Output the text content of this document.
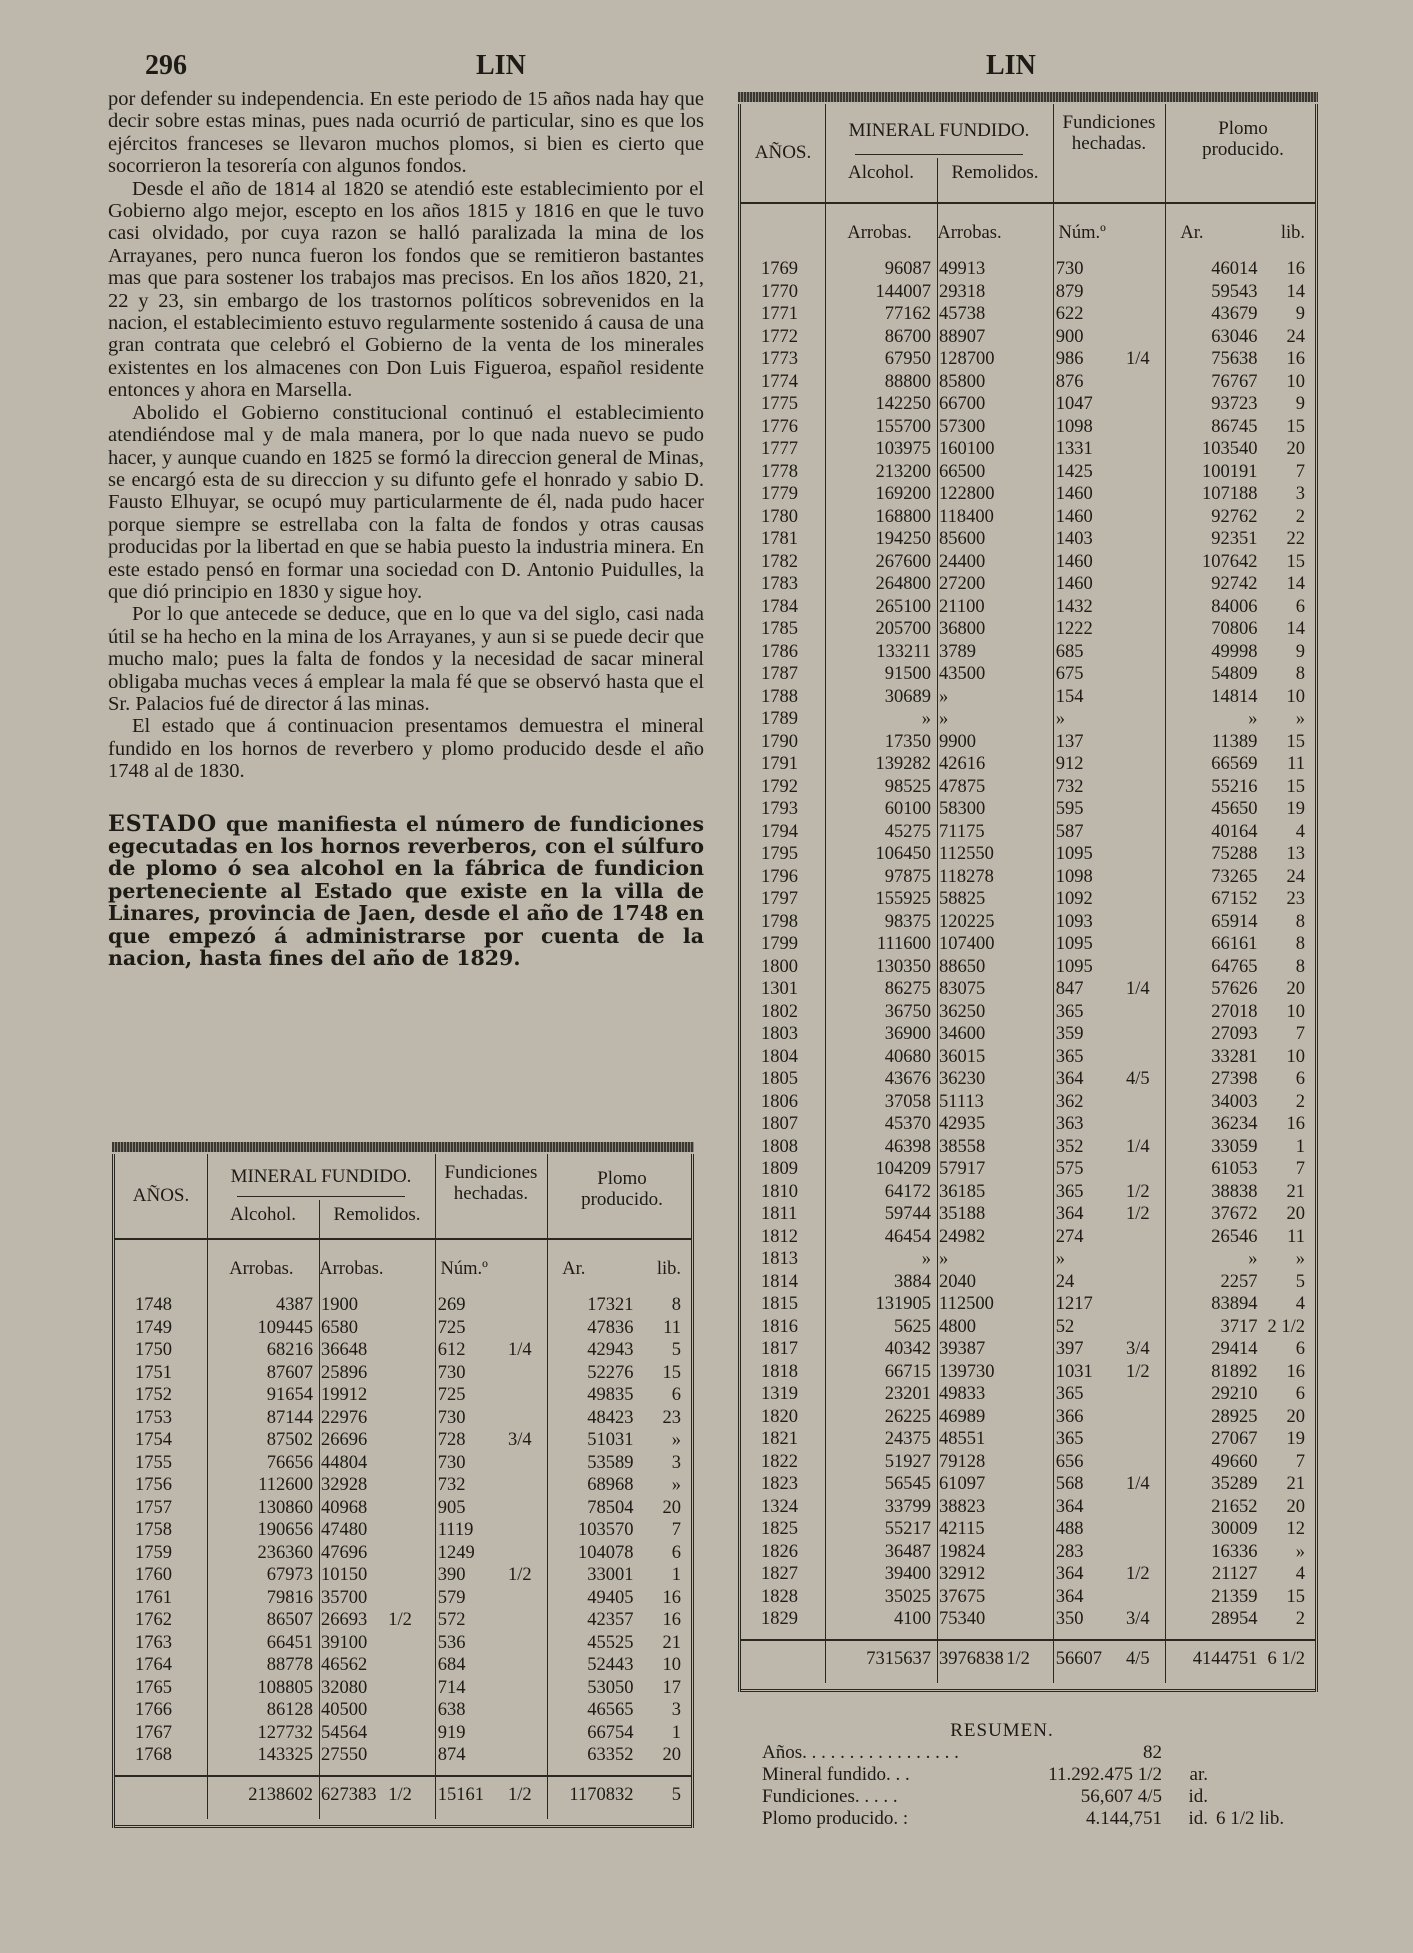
296	LIN	LIN

por defender su independencia. En este periodo de 15 años nada hay que decir sobre estas minas, pues nada ocurrió de particular, sino es que los ejércitos franceses se llevaron muchos plomos, si bien es cierto que socorrieron la tesorería con algunos fondos.

Desde el año de 1814 al 1820 se atendió este establecimiento por el Gobierno algo mejor, escepto en los años 1815 y 1816 en que le tuvo casi olvidado, por cuya razon se halló paralizada la mina de los Arrayanes, pero nunca fueron los fondos que se remitieron bastantes mas que para sostener los trabajos mas precisos. En los años 1820, 21, 22 y 23, sin embargo de los trastornos políticos sobrevenidos en la nacion, el establecimiento estuvo regularmente sostenido á causa de una gran contrata que celebró el Gobierno de la venta de los minerales existentes en los almacenes con Don Luis Figueroa, español residente entonces y ahora en Marsella.

Abolido el Gobierno constitucional continuó el establecimiento atendiéndose mal y de mala manera, por lo que nada nuevo se pudo hacer, y aunque cuando en 1825 se formó la direccion general de Minas, se encargó esta de su direccion y su difunto gefe el honrado y sabio D. Fausto Elhuyar, se ocupó muy particularmente de él, nada pudo hacer porque siempre se estrellaba con la falta de fondos y otras causas producidas por la libertad en que se habia puesto la industria minera. En este estado pensó en formar una sociedad con D. Antonio Puidulles, la que dió principio en 1830 y sigue hoy.

Por lo que antecede se deduce, que en lo que va del siglo, casi nada útil se ha hecho en la mina de los Arrayanes, y aun si se puede decir que mucho malo; pues la falta de fondos y la necesidad de sacar mineral obligaba muchas veces á emplear la mala fé que se observó hasta que el Sr. Palacios fué de director á las minas.

El estado que á continuacion presentamos demuestra el mineral fundido en los hornos de reverbero y plomo producido desde el año 1748 al de 1830.

ESTADO que manifiesta el número de fundiciones egecutadas en los hornos reverberos, con el súlfuro de plomo ó sea alcohol en la fábrica de fundicion perteneciente al Estado que existe en la villa de Linares, provincia de Jaen, desde el año de 1748 en que empezó á administrarse por cuenta de la nacion, hasta fines del año de 1829.
AÑOS.
MINERAL FUNDIDO.
Alcohol.	Remolidos.
Fundiciones hechadas.
Plomo producido.
Arrobas.	Arrobas.	Núm.º	Ar.	lib.
1748	4387 1900	269	17321	8
1749	109445 6580	725	47836	11
1750	68216 36648	612	1/4	42943	5
1751	87607 25896	730	52276	15
1752	91654 19912	725	49835	6
1753	87144 22976	730	48423	23
1754	87502 26696	728	3/4	51031	»
1755	76656 44804	730	53589	3
1756	112600 32928	732	68968	»
1757	130860 40968	905	78504	20
1758	190656 47480	1119	103570	7
1759	236360 47696	1249	104078	6
1760	67973 10150	390	1/2	33001	1
1761	79816 35700	579	49405	16
1762	86507 26693	1/2	572	42357	16
1763	66451 39100	536	45525	21
1764	88778 46562	684	52443	10
1765	108805 32080	714	53050	17
1766	86128 40500	638	46565	3
1767	127732 54564	919	66754	1
1768	143325 27550	874	63352	20
2138602 627383 1/2	15161	1/2	1170832	5
AÑOS.
MINERAL FUNDIDO.
Alcohol.	Remolidos.
Fundiciones hechadas.
Plomo producido.
Arrobas.	Arrobas.	Núm.º	Ar.	lib.
1769	96087 49913	730	46014	16
1770	144007 29318	879	59543	14
1771	77162 45738	622	43679	9
1772	86700 88907	900	63046	24
1773	67950 128700	986	1/4	75638	16
1774	88800 85800	876	76767	10
1775	142250 66700	1047	93723	9
1776	155700 57300	1098	86745	15
1777	103975 160100	1331	103540	20
1778	213200 66500	1425	100191	7
1779	169200 122800	1460	107188	3
1780	168800 118400	1460	92762	2
1781	194250 85600	1403	92351	22
1782	267600 24400	1460	107642	15
1783	264800 27200	1460	92742	14
1784	265100 21100	1432	84006	6
1785	205700 36800	1222	70806	14
1786	133211 3789	685	49998	9
1787	91500 43500	675	54809	8
1788	30689 »	154	14814	10
1789	» »	»	»	»
1790	17350 9900	137	11389	15
1791	139282 42616	912	66569	11
1792	98525 47875	732	55216	15
1793	60100 58300	595	45650	19
1794	45275 71175	587	40164	4
1795	106450 112550	1095	75288	13
1796	97875 118278	1098	73265	24
1797	155925 58825	1092	67152	23
1798	98375 120225	1093	65914	8
1799	111600 107400	1095	66161	8
1800	130350 88650	1095	64765	8
1301	86275 83075	847	1/4	57626	20
1802	36750 36250	365	27018	10
1803	36900 34600	359	27093	7
1804	40680 36015	365	33281	10
1805	43676 36230	364	4/5	27398	6
1806	37058 51113	362	34003	2
1807	45370 42935	363	36234	16
1808	46398 38558	352	1/4	33059	1
1809	104209 57917	575	61053	7
1810	64172 36185	365	1/2	38838	21
1811	59744 35188	364	1/2	37672	20
1812	46454 24982	274	26546	11
1813	» »	»	»	»
1814	3884 2040	24	2257	5
1815	131905 112500	1217	83894	4
1816	5625 4800	52	3717 2 1/2
1817	40342 39387	397	3/4	29414	6
1818	66715 139730	1031	1/2	81892	16
1319	23201 49833	365	29210	6
1820	26225 46989	366	28925	20
1821	24375 48551	365	27067	19
1822	51927 79128	656	49660	7
1823	56545 61097	568	1/4	35289	21
1324	33799 38823	364	21652	20
1825	55217 42115	488	30009	12
1826	36487 19824	283	16336	»
1827	39400 32912	364	1/2	21127	4
1828	35025 37675	364	21359	15
1829	4100 75340	350	3/4	28954	2
7315637 3976838 1/2	56607	4/5	4144751 6 1/2
RESUMEN.
Años. . . . . . . . . . . . . . . . .	82
Mineral fundido. . .	11.292.475 1/2	ar.
Fundiciones. . . . .	56,607 4/5	id.
Plomo producido. :	4.144,751	id. 6 1/2 lib.
